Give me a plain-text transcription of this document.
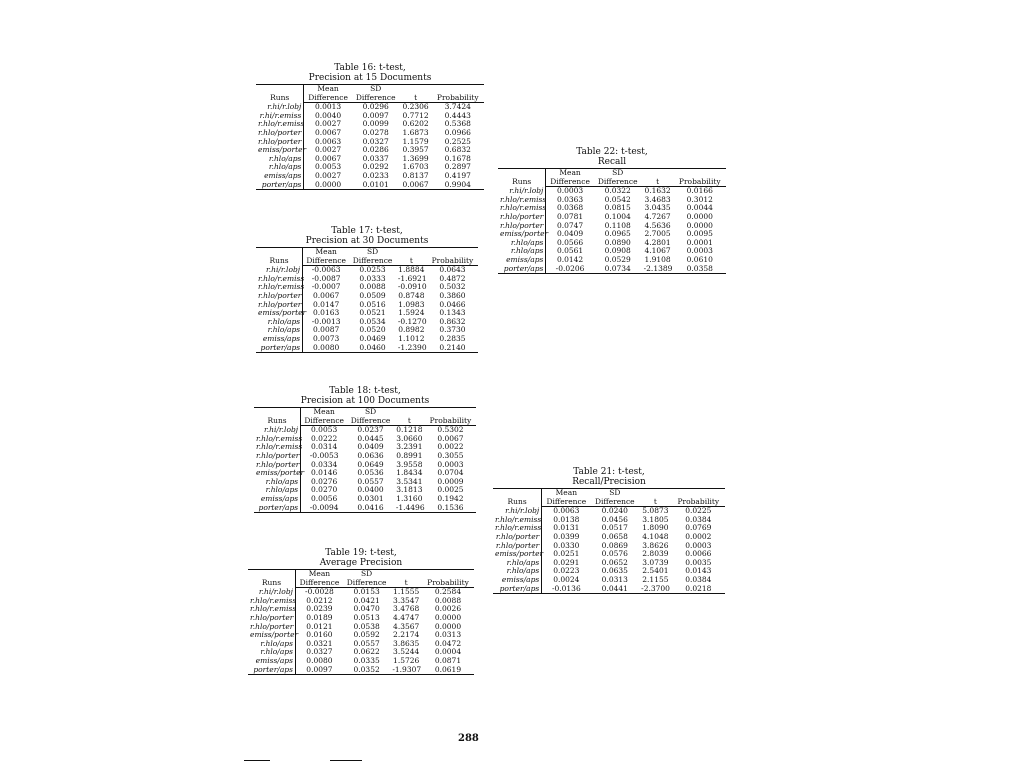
Table 16: t-test,
Precision at 15 Documents
Runs	Mean	SD		
	Difference	Difference	t	Probability
r.hi/r.lobj	0.0013	0.0296	0.2306	3.7424
r.hi/r.emiss	0.0040	0.0097	0.7712	0.4443
r.hlo/r.emiss	0.0027	0.0099	0.6202	0.5368
r.hlo/porter	0.0067	0.0278	1.6873	0.0966
r.hlo/porter	0.0063	0.0327	1.1579	0.2525
emiss/porter	0.0027	0.0286	0.3957	0.6832
r.hlo/aps	0.0067	0.0337	1.3699	0.1678
r.hlo/aps	0.0053	0.0292	1.6703	0.2897
emiss/aps	0.0027	0.0233	0.8137	0.4197
porter/aps	0.0000	0.0101	0.0067	0.9904
Table 17: t-test,
Precision at 30 Documents
Runs	Mean	SD		
	Difference	Difference	t	Probability
r.hi/r.lobj	-0.0063	0.0253	1.8884	0.0643
r.hlo/r.emiss	-0.0087	0.0333	-1.6921	0.4872
r.hlo/r.emiss	-0.0007	0.0088	-0.0910	0.5032
r.hlo/porter	0.0067	0.0509	0.8748	0.3860
r.hlo/porter	0.0147	0.0516	1.0983	0.0466
emiss/porter	0.0163	0.0521	1.5924	0.1343
r.hlo/aps	-0.0013	0.0534	-0.1270	0.8632
r.hlo/aps	0.0087	0.0520	0.8982	0.3730
emiss/aps	0.0073	0.0469	1.1012	0.2835
porter/aps	0.0080	0.0460	-1.2390	0.2140
Table 18: t-test,
Precision at 100 Documents
Runs	Mean	SD		
	Difference	Difference	t	Probability
r.hi/r.lobj	0.0053	0.0237	0.1218	0.5302
r.hlo/r.emiss	0.0222	0.0445	3.0660	0.0067
r.hlo/r.emiss	0.0314	0.0409	3.2391	0.0022
r.hlo/porter	-0.0053	0.0636	0.8991	0.3055
r.hlo/porter	0.0334	0.0649	3.9558	0.0003
emiss/porter	0.0146	0.0536	1.8434	0.0704
r.hlo/aps	0.0276	0.0557	3.5341	0.0009
r.hlo/aps	0.0270	0.0400	3.1813	0.0025
emiss/aps	0.0056	0.0301	1.3160	0.1942
porter/aps	-0.0094	0.0416	-1.4496	0.1536
Table 19: t-test,
Average Precision
Runs	Mean	SD		
	Difference	Difference	t	Probability
r.hi/r.lobj	-0.0028	0.0153	1.1555	0.2584
r.hlo/r.emiss	0.0212	0.0421	3.3547	0.0088
r.hlo/r.emiss	0.0239	0.0470	3.4768	0.0026
r.hlo/porter	0.0189	0.0513	4.4747	0.0000
r.hlo/porter	0.0121	0.0538	4.3567	0.0000
emiss/porter	0.0160	0.0592	2.2174	0.0313
r.hlo/aps	0.0321	0.0557	3.8635	0.0472
r.hlo/aps	0.0327	0.0622	3.5244	0.0004
emiss/aps	0.0080	0.0335	1.5726	0.0871
porter/aps	0.0097	0.0352	-1.9307	0.0619
Table 22: t-test,
Recall
Runs	Mean	SD		
	Difference	Difference	t	Probability
r.hi/r.lobj	0.0003	0.0322	0.1632	0.0166
r.hlo/r.emiss	0.0363	0.0542	3.4683	0.3012
r.hlo/r.emiss	0.0368	0.0815	3.0435	0.0044
r.hlo/porter	0.0781	0.1004	4.7267	0.0000
r.hlo/porter	0.0747	0.1108	4.5636	0.0000
emiss/porter	0.0409	0.0965	2.7005	0.0095
r.hlo/aps	0.0566	0.0890	4.2801	0.0001
r.hlo/aps	0.0561	0.0908	4.1067	0.0003
emiss/aps	0.0142	0.0529	1.9108	0.0610
porter/aps	-0.0206	0.0734	-2.1389	0.0358
Table 21: t-test,
Recall/Precision
Runs	Mean	SD		
	Difference	Difference	t	Probability
r.hi/r.lobj	0.0063	0.0240	5.0873	0.0225
r.hlo/r.emiss	0.0138	0.0456	3.1805	0.0384
r.hlo/r.emiss	0.0131	0.0517	1.8090	0.0769
r.hlo/porter	0.0399	0.0658	4.1048	0.0002
r.hlo/porter	0.0330	0.0869	3.8626	0.0003
emiss/porter	0.0251	0.0576	2.8039	0.0066
r.hlo/aps	0.0291	0.0652	3.0739	0.0035
r.hlo/aps	0.0223	0.0635	2.5401	0.0143
emiss/aps	0.0024	0.0313	2.1155	0.0384
porter/aps	-0.0136	0.0441	-2.3700	0.0218
288
